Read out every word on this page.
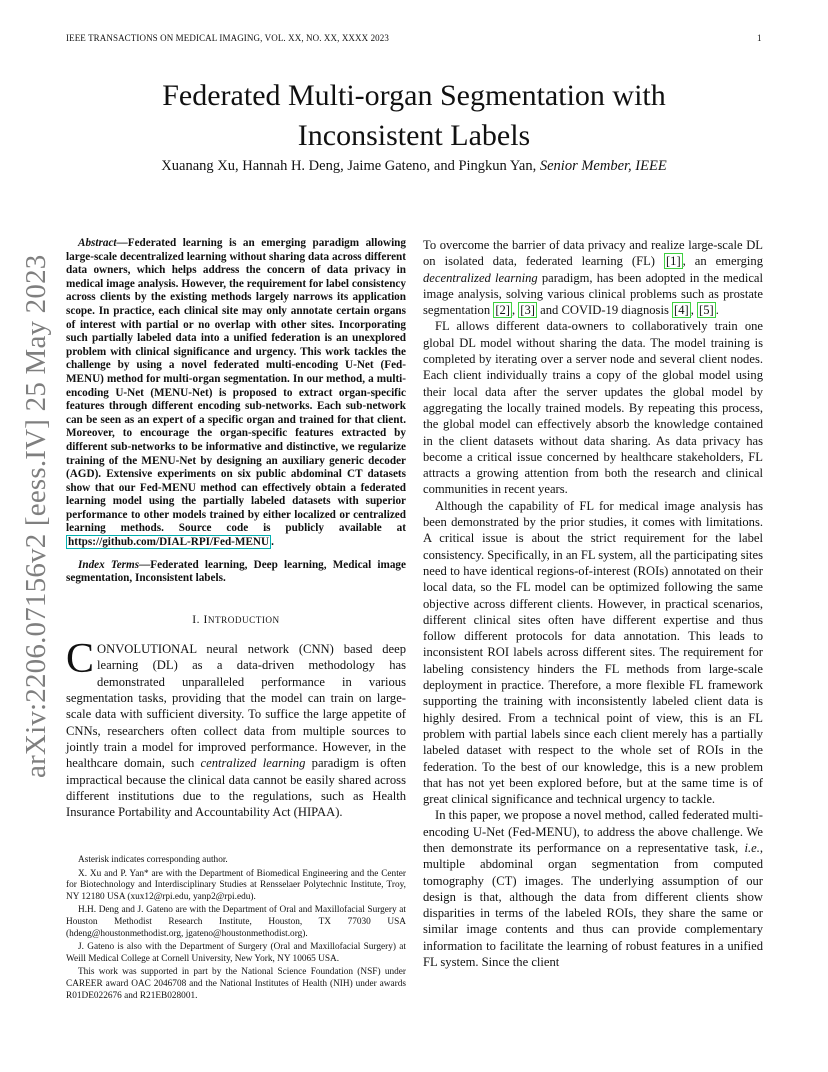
IEEE TRANSACTIONS ON MEDICAL IMAGING, VOL. XX, NO. XX, XXXX 2023	1
arXiv:2206.07156v2 [eess.IV] 25 May 2023
Federated Multi-organ Segmentation with
Inconsistent Labels
Xuanang Xu, Hannah H. Deng, Jaime Gateno, and Pingkun Yan, Senior Member, IEEE

Abstract—Federated learning is an emerging paradigm allowing large-scale decentralized learning without sharing data across different data owners, which helps address the concern of data privacy in medical image analysis. However, the requirement for label consistency across clients by the existing methods largely narrows its application scope. In practice, each clinical site may only annotate certain organs of interest with partial or no overlap with other sites. Incorporating such partially labeled data into a unified federation is an unexplored problem with clinical significance and urgency. This work tackles the challenge by using a novel federated multi-encoding U-Net (Fed-MENU) method for multi-organ segmentation. In our method, a multi-encoding U-Net (MENU-Net) is proposed to extract organ-specific features through different encoding sub-networks. Each sub-network can be seen as an expert of a specific organ and trained for that client. Moreover, to encourage the organ-specific features extracted by different sub-networks to be informative and distinctive, we regularize training of the MENU-Net by designing an auxiliary generic decoder (AGD). Extensive experiments on six public abdominal CT datasets show that our Fed-MENU method can effectively obtain a federated learning model using the partially labeled datasets with superior performance to other models trained by either localized or centralized learning methods. Source code is publicly available at https://github.com/DIAL-RPI/Fed-MENU .

Index Terms—Federated learning, Deep learning, Medical image segmentation, Inconsistent labels.

I. INTRODUCTION

CONVOLUTIONAL neural network (CNN) based deep learning (DL) as a data-driven methodology has demonstrated unparalleled performance in various segmentation tasks, providing that the model can train on large-scale data with sufficient diversity. To suffice the large appetite of CNNs, researchers often collect data from multiple sources to jointly train a model for improved performance. However, in the healthcare domain, such centralized learning paradigm is often impractical because the clinical data cannot be easily shared across different institutions due to the regulations, such as Health Insurance Portability and Accountability Act (HIPAA).

Asterisk indicates corresponding author.

X. Xu and P. Yan* are with the Department of Biomedical Engineering and the Center for Biotechnology and Interdisciplinary Studies at Rensselaer Polytechnic Institute, Troy, NY 12180 USA (xux12@rpi.edu, yanp2@rpi.edu).

H.H. Deng and J. Gateno are with the Department of Oral and Maxillofacial Surgery at Houston Methodist Research Institute, Houston, TX 77030 USA (hdeng@houstonmethodist.org, jgateno@houstonmethodist.org).

J. Gateno is also with the Department of Surgery (Oral and Maxillofacial Surgery) at Weill Medical College at Cornell University, New York, NY 10065 USA.

This work was supported in part by the National Science Foundation (NSF) under CAREER award OAC 2046708 and the National Institutes of Health (NIH) under awards R01DE022676 and R21EB028001.

To overcome the barrier of data privacy and realize large-scale DL on isolated data, federated learning (FL) [1] , an emerging decentralized learning paradigm, has been adopted in the medical image analysis, solving various clinical problems such as prostate segmentation [2] , [3] and COVID-19 diagnosis [4] , [5] .

FL allows different data-owners to collaboratively train one global DL model without sharing the data. The model training is completed by iterating over a server node and several client nodes. Each client individually trains a copy of the global model using their local data after the server updates the global model by aggregating the locally trained models. By repeating this process, the global model can effectively absorb the knowledge contained in the client datasets without data sharing. As data privacy has become a critical issue concerned by healthcare stakeholders, FL attracts a growing attention from both the research and clinical communities in recent years.

Although the capability of FL for medical image analysis has been demonstrated by the prior studies, it comes with limitations. A critical issue is about the strict requirement for the label consistency. Specifically, in an FL system, all the participating sites need to have identical regions-of-interest (ROIs) annotated on their local data, so the FL model can be optimized following the same objective across different clients. However, in practical scenarios, different clinical sites often have different expertise and thus follow different protocols for data annotation. This leads to inconsistent ROI labels across different sites. The requirement for labeling consistency hinders the FL methods from large-scale deployment in practice. Therefore, a more flexible FL framework supporting the training with inconsistently labeled client data is highly desired. From a technical point of view, this is an FL problem with partial labels since each client merely has a partially labeled dataset with respect to the whole set of ROIs in the federation. To the best of our knowledge, this is a new problem that has not yet been explored before, but at the same time is of great clinical significance and technical urgency to tackle.

In this paper, we propose a novel method, called federated multi-encoding U-Net (Fed-MENU), to address the above challenge. We then demonstrate its performance on a representative task, i.e., multiple abdominal organ segmentation from computed tomography (CT) images. The underlying assumption of our design is that, although the data from different clients show disparities in terms of the labeled ROIs, they share the same or similar image contents and thus can provide complementary information to facilitate the learning of robust features in a unified FL system. Since the client
